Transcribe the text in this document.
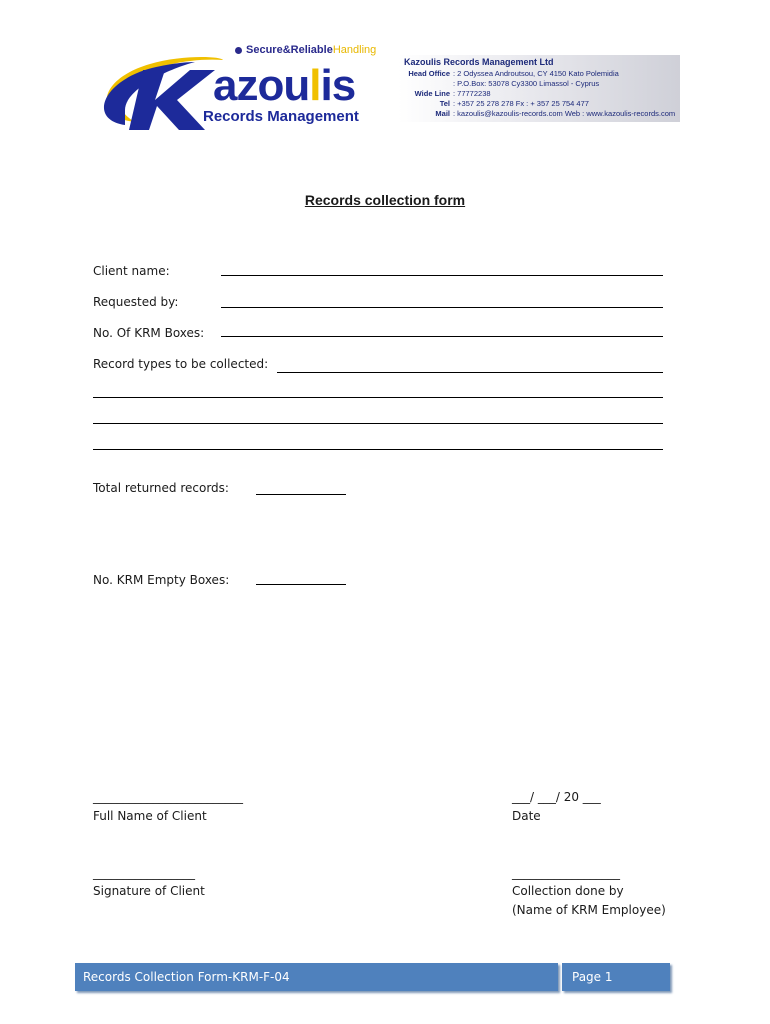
Secure&ReliableHandling
azoulis
Records Management
Kazoulis Records Management Ltd
Head Office : 2 Odyssea Androutsou, CY 4150 Kato Polemidia
: P.O.Box: 53078 Cy3300 Limassol - Cyprus
Wide Line : 77772238
Tel : +357 25 278 278 Fx : + 357 25 754 477
Mail : kazoulis@kazoulis-records.com Web : www.kazoulis-records.com
Records collection form
Client name:
Requested by:
No. Of KRM Boxes:
Record types to be collected:
Total returned records:
No. KRM Empty Boxes:
_________________________
Full Name of Client
___/ ___/ 20 ___
Date
_________________
Signature of Client
__________________
Collection done by
(Name of KRM Employee)
Records Collection Form-KRM-F-04	Page 1
